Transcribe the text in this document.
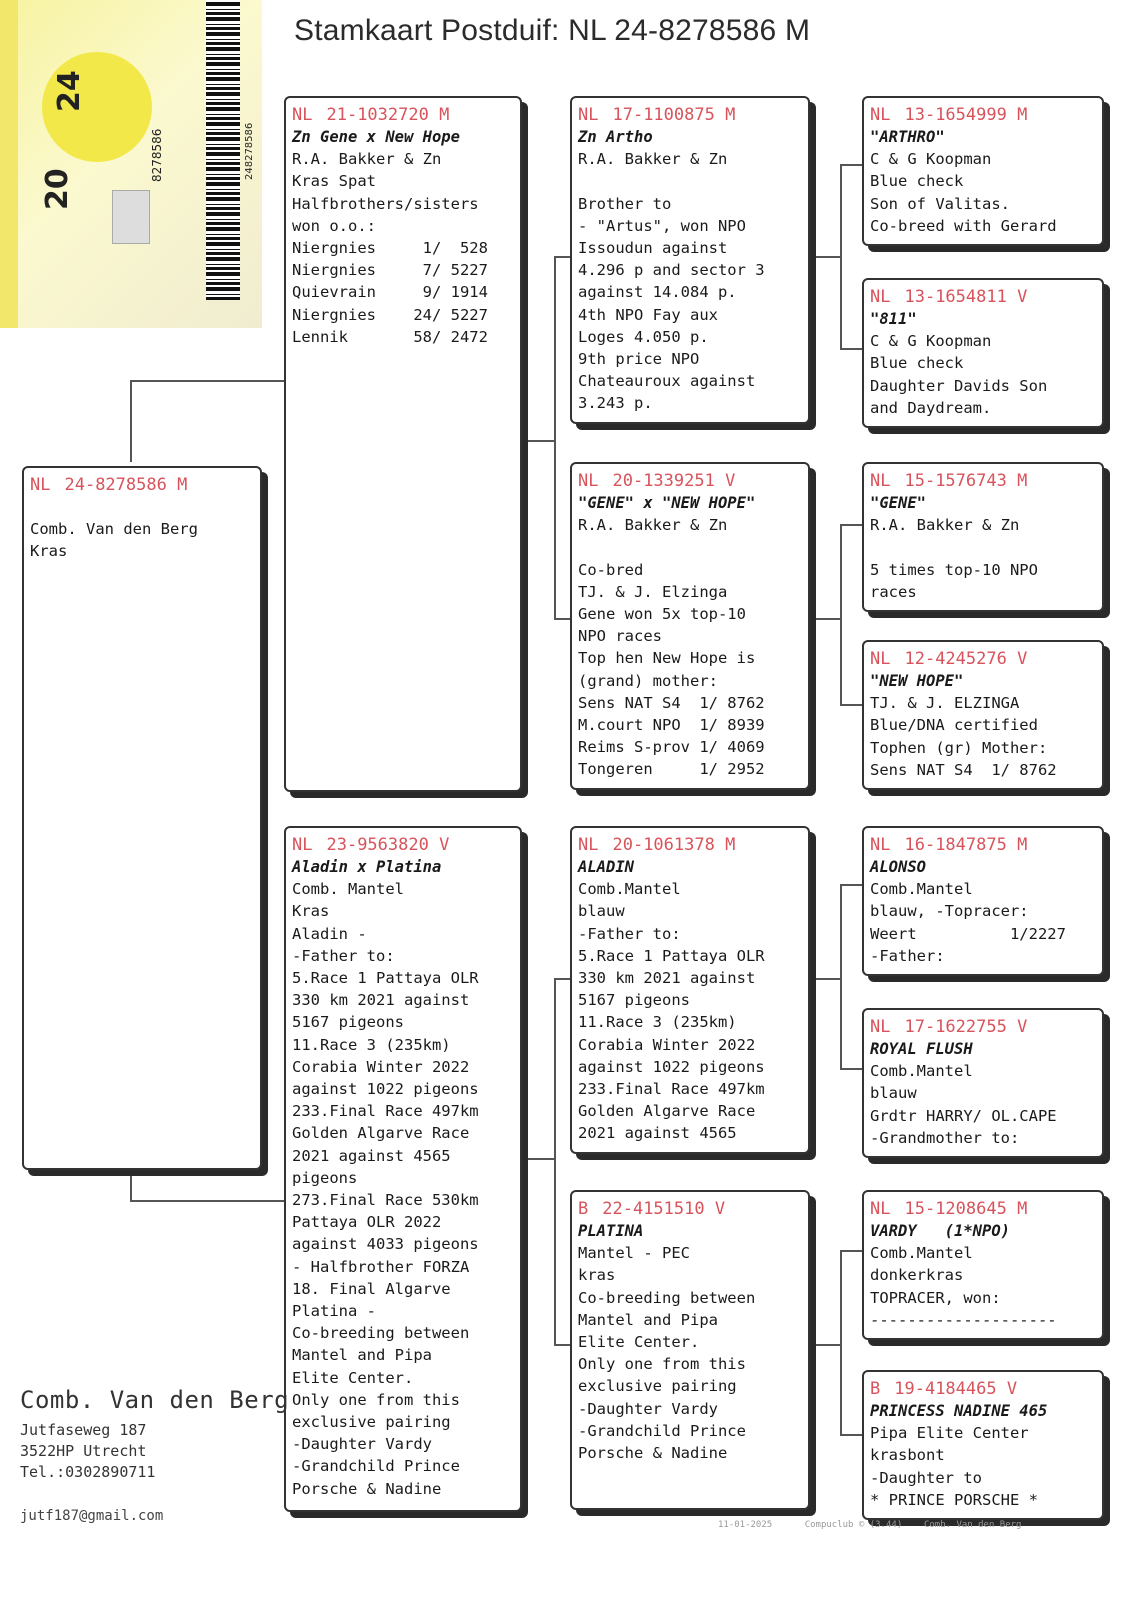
Stamkaart Postduif: NL 24-8278586 M
20
24
8278586	248278586
NL 24-8278586 M
Comb. Van den Berg
Kras
NL 21-1032720 M
Zn Gene x New Hope
R.A. Bakker & Zn
Kras Spat
Halfbrothers/sisters
won o.o.:
Niergnies     1/  528
Niergnies     7/ 5227
Quievrain     9/ 1914
Niergnies    24/ 5227
Lennik       58/ 2472
NL 23-9563820 V
Aladin x Platina
Comb. Mantel
Kras
Aladin -
-Father to:
5.Race 1 Pattaya OLR
330 km 2021 against
5167 pigeons
11.Race 3 (235km)
Corabia Winter 2022
against 1022 pigeons
233.Final Race 497km
Golden Algarve Race
2021 against 4565
pigeons
273.Final Race 530km
Pattaya OLR 2022
against 4033 pigeons
- Halfbrother FORZA
18. Final Algarve
Platina -
Co-breeding between
Mantel and Pipa
Elite Center.
Only one from this
exclusive pairing
-Daughter Vardy
-Grandchild Prince
Porsche & Nadine
NL 17-1100875 M
Zn Artho
R.A. Bakker & Zn
Brother to
- "Artus", won NPO
Issoudun against
4.296 p and sector 3
against 14.084 p.
4th NPO Fay aux
Loges 4.050 p.
9th price NPO
Chateauroux against
3.243 p.
NL 20-1339251 V
"GENE" x "NEW HOPE"
R.A. Bakker & Zn
Co-bred
TJ. & J. Elzinga
Gene won 5x top-10
NPO races
Top hen New Hope is
(grand) mother:
Sens NAT S4  1/ 8762
M.court NPO  1/ 8939
Reims S-prov 1/ 4069
Tongeren     1/ 2952
NL 20-1061378 M
ALADIN
Comb.Mantel
blauw
-Father to:
5.Race 1 Pattaya OLR
330 km 2021 against
5167 pigeons
11.Race 3 (235km)
Corabia Winter 2022
against 1022 pigeons
233.Final Race 497km
Golden Algarve Race
2021 against 4565
B 22-4151510 V
PLATINA
Mantel - PEC
kras
Co-breeding between
Mantel and Pipa
Elite Center.
Only one from this
exclusive pairing
-Daughter Vardy
-Grandchild Prince
Porsche & Nadine
NL 13-1654999 M
"ARTHRO"
C & G Koopman
Blue check
Son of Valitas.
Co-breed with Gerard
NL 13-1654811 V
"811"
C & G Koopman
Blue check
Daughter Davids Son
and Daydream.
NL 15-1576743 M
"GENE"
R.A. Bakker & Zn
5 times top-10 NPO
races
NL 12-4245276 V
"NEW HOPE"
TJ. & J. ELZINGA
Blue/DNA certified
Tophen (gr) Mother:
Sens NAT S4  1/ 8762
NL 16-1847875 M
ALONSO
Comb.Mantel
blauw, -Topracer:
Weert          1/2227
-Father:
NL 17-1622755 V
ROYAL FLUSH
Comb.Mantel
blauw
Grdtr HARRY/ OL.CAPE
-Grandmother to:
NL 15-1208645 M
VARDY   (1*NPO)
Comb.Mantel
donkerkras
TOPRACER, won:
--------------------
B 19-4184465 V
PRINCESS NADINE 465
Pipa Elite Center
krasbont
-Daughter to
* PRINCE PORSCHE *
Comb. Van den Berg
Jutfaseweg 187
3522HP Utrecht
Tel.:0302890711
jutf187@gmail.com
11-01-2025	Compuclub © (3.44) Comb. Van den Berg
